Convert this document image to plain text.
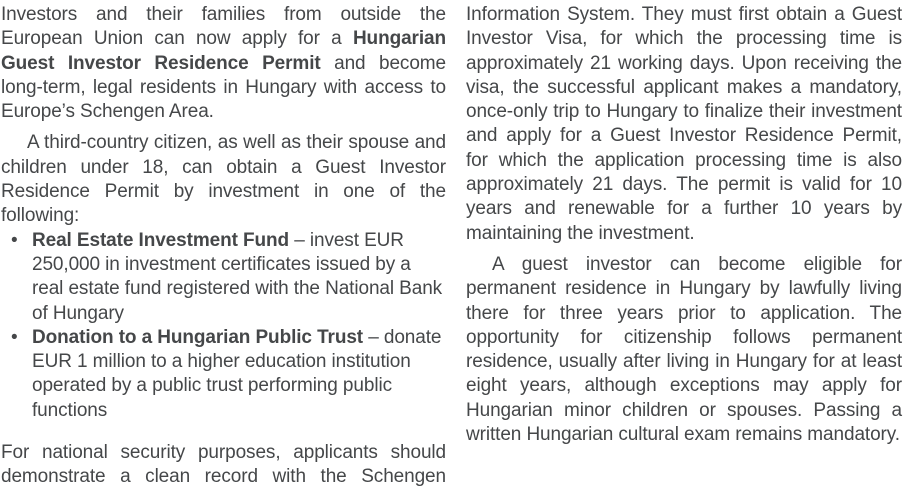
Investors and their families from outside the European Union can now apply for a Hungarian Guest Investor Residence Permit and become long-term, legal residents in Hungary with access to Europe’s Schengen Area.

A third-country citizen, as well as their spouse and children under 18, can obtain a Guest Investor Residence Permit by investment in one of the following:

• Real Estate Investment Fund – invest EUR 250,000 in investment certificates issued by a real estate fund registered with the National Bank of Hungary
• Donation to a Hungarian Public Trust – donate EUR 1 million to a higher education institution operated by a public trust performing public functions

For national security purposes, applicants should demonstrate a clean record with the Schengen

Information System. They must first obtain a Guest Investor Visa, for which the processing time is approximately 21 working days. Upon receiving the visa, the successful applicant makes a mandatory, once-only trip to Hungary to finalize their investment and apply for a Guest Investor Residence Permit, for which the application processing time is also approximately 21 days. The permit is valid for 10 years and renewable for a further 10 years by maintaining the investment.

A guest investor can become eligible for permanent residence in Hungary by lawfully living there for three years prior to application. The opportunity for citizenship follows permanent residence, usually after living in Hungary for at least eight years, although exceptions may apply for Hungarian minor children or spouses. Passing a written Hungarian cultural exam remains mandatory.
